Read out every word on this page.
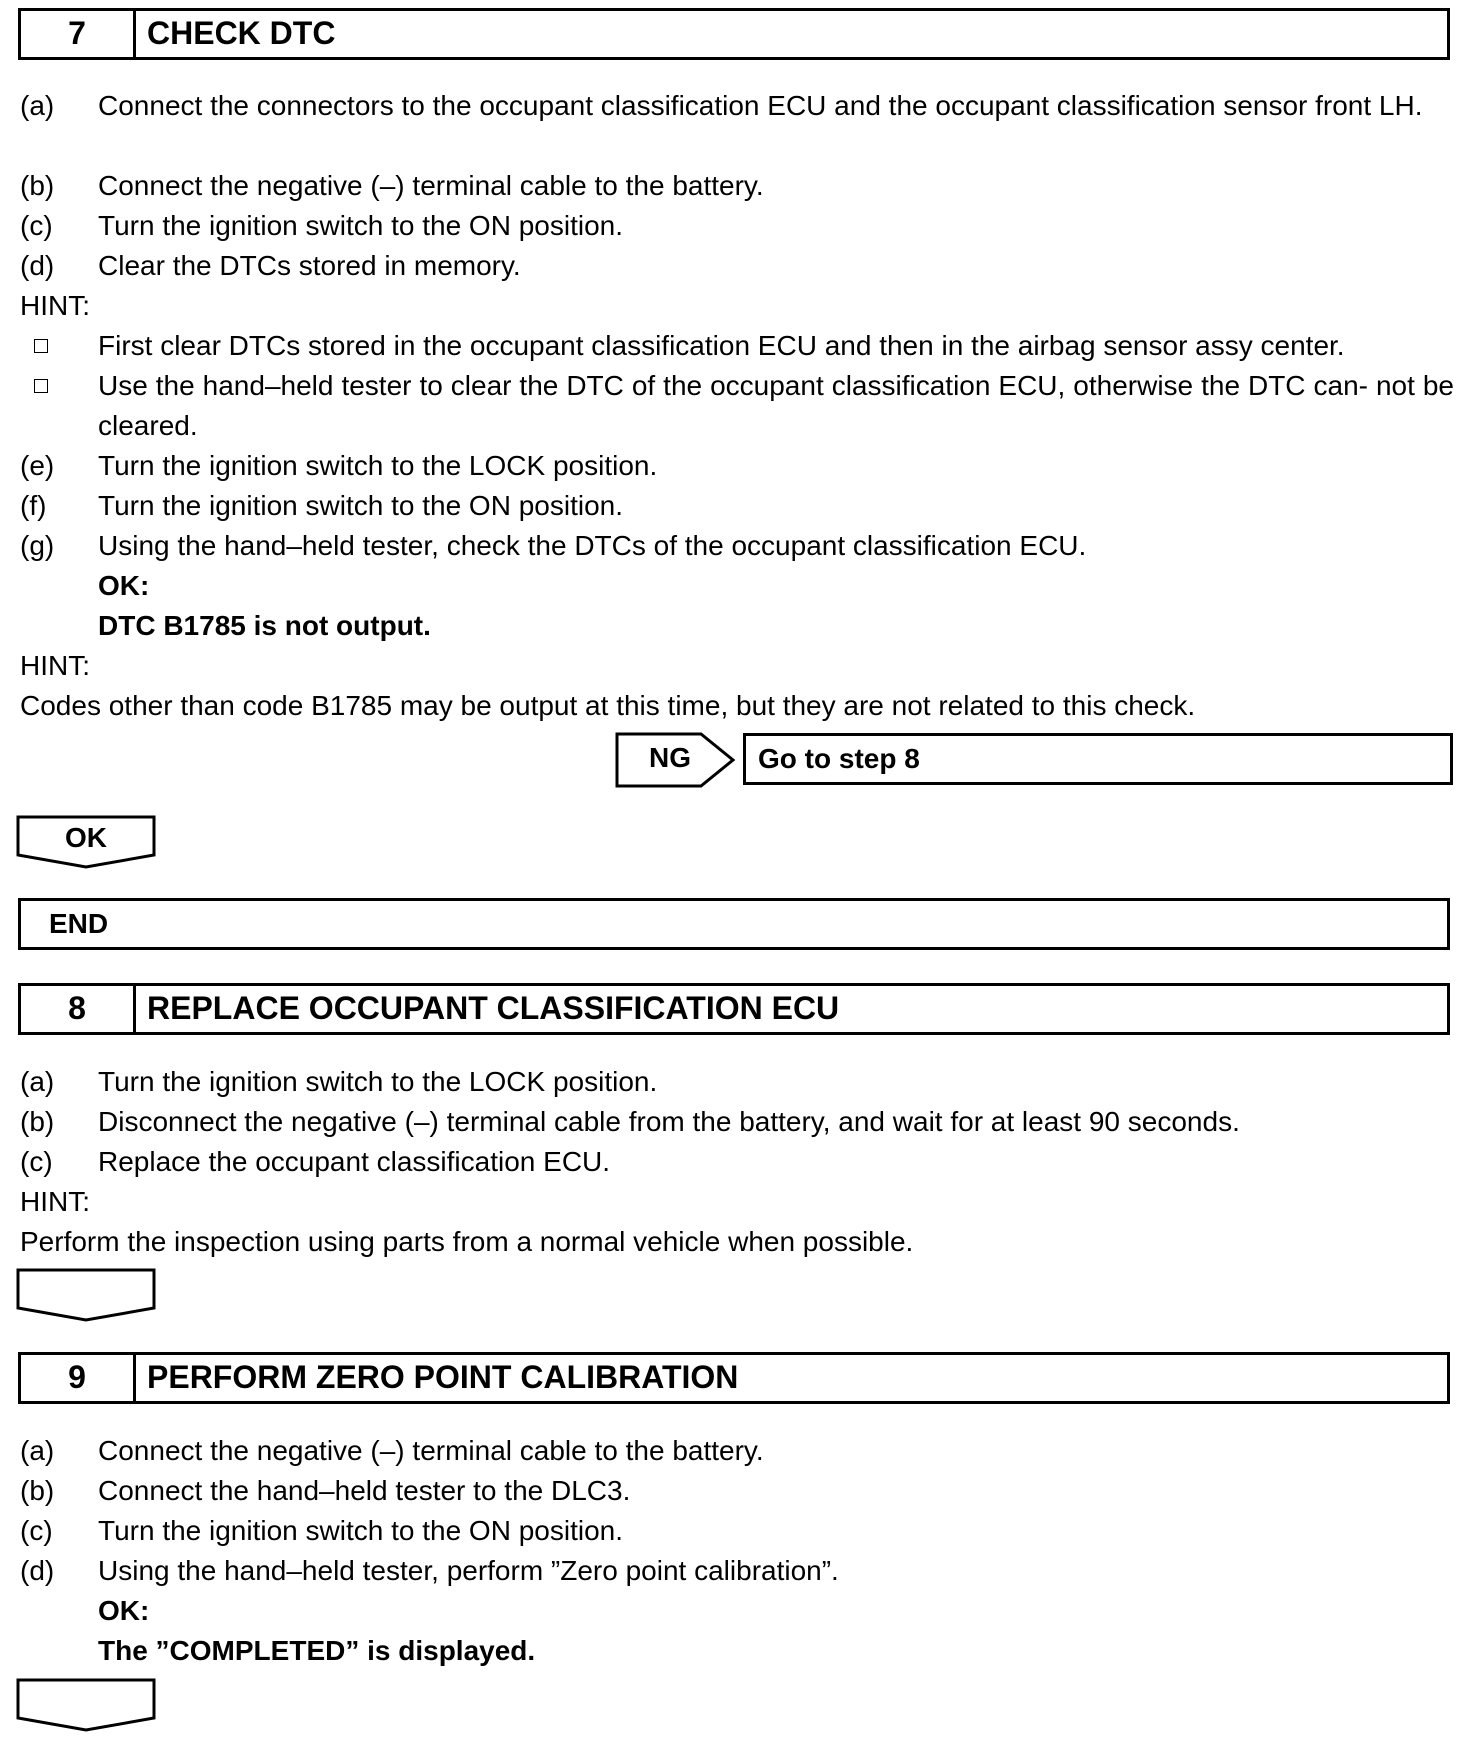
7	CHECK DTC
(a) Connect the connectors to the occupant classification ECU and the occupant classification sensor front LH.
(b) Connect the negative (–) terminal cable to the battery.
(c) Turn the ignition switch to the ON position.
(d) Clear the DTCs stored in memory.
HINT:
First clear DTCs stored in the occupant classification ECU and then in the airbag sensor assy center.
Use the hand–held tester to clear the DTC of the occupant classification ECU, otherwise the DTC can- not be cleared.
(e) Turn the ignition switch to the LOCK position.
(f) Turn the ignition switch to the ON position.
(g) Using the hand–held tester, check the DTCs of the occupant classification ECU.
OK:
DTC B1785 is not output.
HINT:
Codes other than code B1785 may be output at this time, but they are not related to this check.
NG	Go to step 8
OK
END
8	REPLACE OCCUPANT CLASSIFICATION ECU
(a) Turn the ignition switch to the LOCK position.
(b) Disconnect the negative (–) terminal cable from the battery, and wait for at least 90 seconds.
(c) Replace the occupant classification ECU.
HINT:
Perform the inspection using parts from a normal vehicle when possible.
9	PERFORM ZERO POINT CALIBRATION
(a) Connect the negative (–) terminal cable to the battery.
(b) Connect the hand–held tester to the DLC3.
(c) Turn the ignition switch to the ON position.
(d) Using the hand–held tester, perform ”Zero point calibration”.
OK:
The ”COMPLETED” is displayed.
